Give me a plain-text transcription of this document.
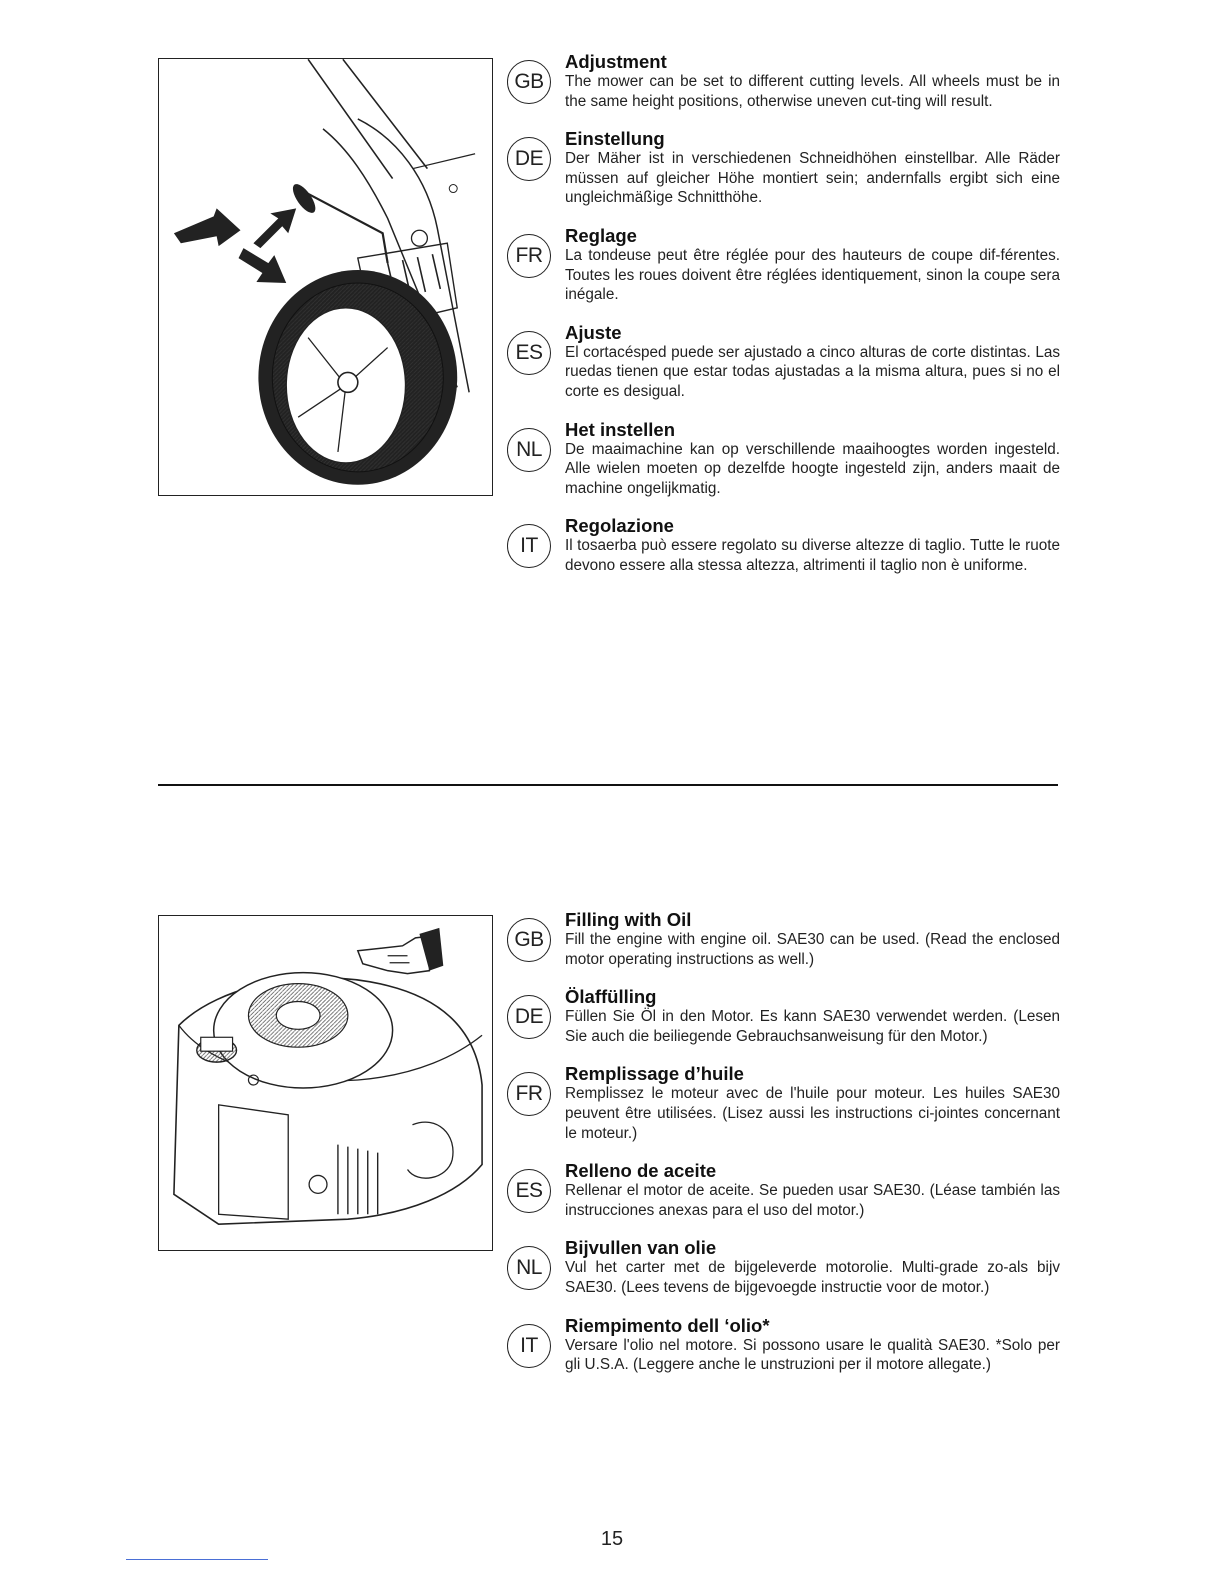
GB

Adjustment

The mower can be set to different cutting levels. All wheels must be in the same height positions, otherwise uneven cut-ting will result.

DE

Einstellung

Der Mäher ist in verschiedenen Schneidhöhen einstellbar. Alle Räder müssen auf gleicher Höhe montiert sein; andernfalls ergibt sich eine ungleichmäßige Schnitthöhe.

FR

Reglage

La tondeuse peut être réglée pour des hauteurs de coupe dif-férentes. Toutes les roues doivent être réglées identiquement, sinon la coupe sera inégale.

ES

Ajuste

El cortacésped puede ser ajustado a cinco alturas de corte distintas. Las ruedas tienen que estar todas ajustadas a la misma altura, pues si no el corte es desigual.

NL

Het instellen

De maaimachine kan op verschillende maaihoogtes worden ingesteld. Alle wielen moeten op dezelfde hoogte ingesteld zijn, anders maait de machine ongelijkmatig.

IT

Regolazione

Il tosaerba può essere regolato su diverse altezze di taglio. Tutte le ruote devono essere alla stessa altezza, altrimenti il taglio non è uniforme.

GB

Filling with Oil

Fill the engine with engine oil. SAE30 can be used. (Read the enclosed motor operating instructions as well.)

DE

Ölaffülling

Füllen Sie Öl in den Motor. Es kann SAE30 verwendet werden. (Lesen Sie auch die beiliegende Gebrauchsanweisung für den Motor.)

FR

Remplissage d’huile

Remplissez le moteur avec de l'huile pour moteur. Les huiles SAE30 peuvent être utilisées. (Lisez aussi les instructions ci-jointes concernant le moteur.)

ES

Relleno de aceite

Rellenar el motor de aceite. Se pueden usar SAE30. (Léase también las instrucciones anexas para el uso del motor.)

NL

Bijvullen van olie

Vul het carter met de bijgeleverde motorolie. Multi-grade zo-als bijv SAE30. (Lees tevens de bijgevoegde instructie voor de motor.)

IT

Riempimento dell ‘olio*

Versare l'olio nel motore. Si possono usare le qualità SAE30. *Solo per gli U.S.A. (Leggere anche le unstruzioni per il motore allegate.)

15
